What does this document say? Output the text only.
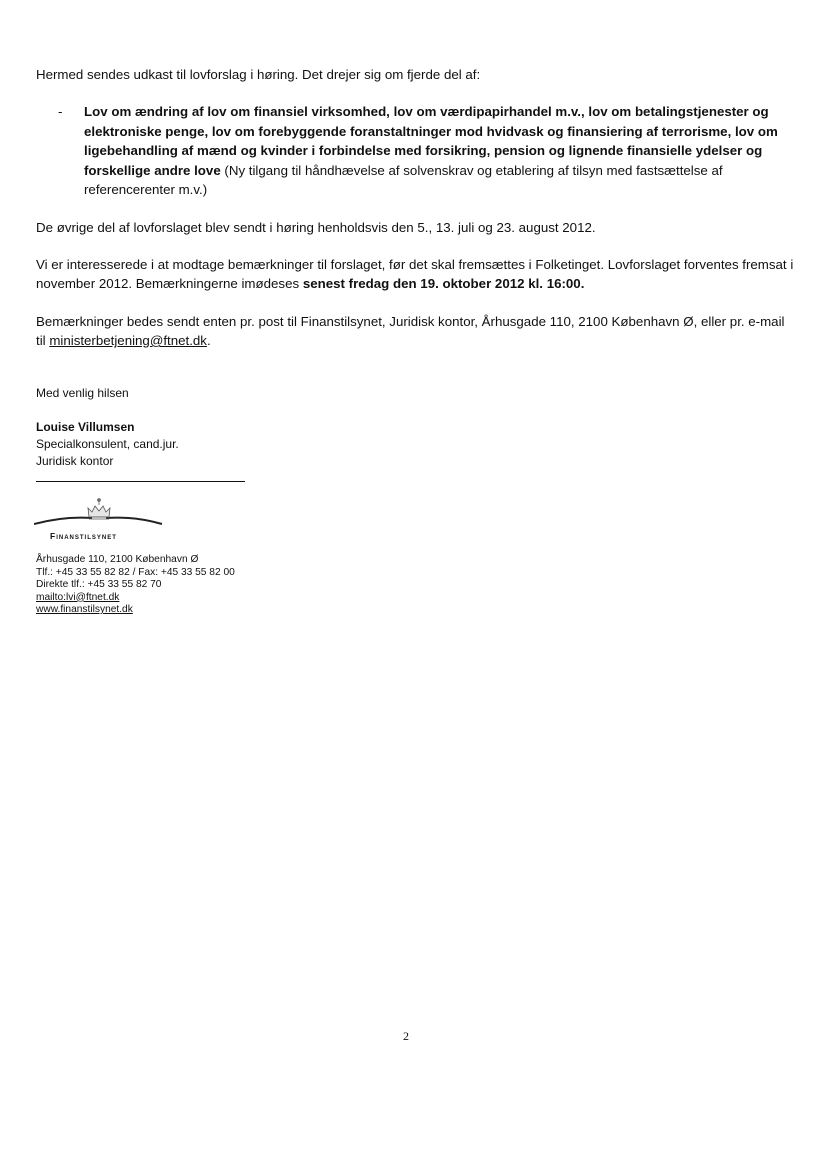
Hermed sendes udkast til lovforslag i høring. Det drejer sig om fjerde del af:

- Lov om ændring af lov om finansiel virksomhed, lov om værdipapirhandel m.v., lov om betalingstjenester og elektroniske penge, lov om forebyggende foranstaltninger mod hvidvask og finansiering af terrorisme, lov om ligebehandling af mænd og kvinder i forbindelse med forsikring, pension og lignende finansielle ydelser og forskellige andre love (Ny tilgang til håndhævelse af solvenskrav og etablering af tilsyn med fastsættelse af referencerenter m.v.)

De øvrige del af lovforslaget blev sendt i høring henholdsvis den 5., 13. juli og 23. august 2012.

Vi er interesserede i at modtage bemærkninger til forslaget, før det skal fremsættes i Folketinget. Lovforslaget forventes fremsat i november 2012. Bemærkningerne imødeses senest fredag den 19. oktober 2012 kl. 16:00.

Bemærkninger bedes sendt enten pr. post til Finanstilsynet, Juridisk kontor, Århusgade 110, 2100 København Ø, eller pr. e-mail til ministerbetjening@ftnet.dk.

Med venlig hilsen

Louise Villumsen

Specialkonsulent, cand.jur.

Juridisk kontor

Finanstilsynet
Århusgade 110, 2100 København Ø
Tlf.: +45 33 55 82 82 / Fax: +45 33 55 82 00
Direkte tlf.: +45 33 55 82 70
mailto:lvi@ftnet.dk
www.finanstilsynet.dk
2
